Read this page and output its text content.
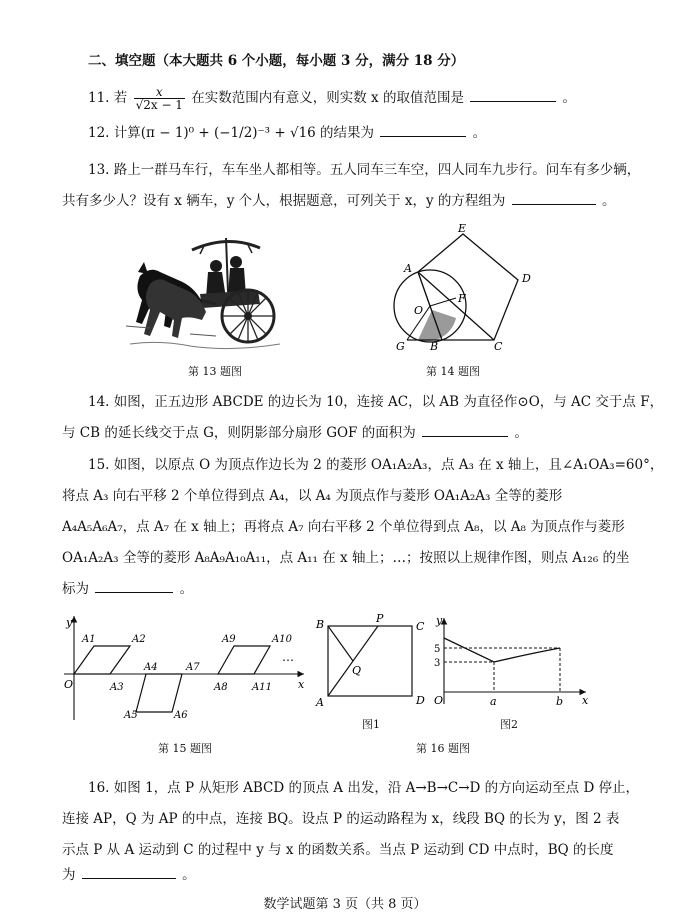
二、填空题（本大题共 6 个小题，每小题 3 分，满分 18 分）
11. 若 $\frac{x}{√2x - 1}$ 在实数范围内有意义，则实数 x 的取值范围是	。
12. 计算(π − 1)⁰ + (−1/2)⁻³ + √16 的结果为	。
13. 路上一群马车行，车车坐人都相等。五人同车三车空，四人同车九步行。问车有多少辆，
共有多少人？设有 x 辆车，y 个人，根据题意，可列关于 x，y 的方程组为	。
第 13 题图
E
A
D
O
F
G B	C
第 14 题图
14. 如图，正五边形 ABCDE 的边长为 10，连接 AC，以 AB 为直径作⊙O，与 AC 交于点 F，
与 CB 的延长线交于点 G，则阴影部分扇形 GOF 的面积为	。
15. 如图，以原点 O 为顶点作边长为 2 的菱形 OA₁A₂A₃，点 A₃ 在 x 轴上，且∠A₁OA₃=60°，
将点 A₃ 向右平移 2 个单位得到点 A₄，以 A₄ 为顶点作与菱形 OA₁A₂A₃ 全等的菱形
A₄A₅A₆A₇，点 A₇ 在 x 轴上；再将点 A₇ 向右平移 2 个单位得到点 A₈，以 A₈ 为顶点作与菱形
OA₁A₂A₃ 全等的菱形 A₈A₉A₁₀A₁₁，点 A₁₁ 在 x 轴上；…；按照以上规律作图，则点 A₁₂₆ 的坐
标为	。
y
x
O
A1	A2
A3
A4
A5	A6
A7
A8
A9	A10
A11
⋯
第 15 题图
B	P
C
Q
A	D
图1
y
x
O
5
3
a	b
图2
第 16 题图
16. 如图 1，点 P 从矩形 ABCD 的顶点 A 出发，沿 A→B→C→D 的方向运动至点 D 停止，
连接 AP，Q 为 AP 的中点，连接 BQ。设点 P 的运动路程为 x，线段 BQ 的长为 y，图 2 表
示点 P 从 A 运动到 C 的过程中 y 与 x 的函数关系。当点 P 运动到 CD 中点时，BQ 的长度
为	。
数学试题第 3 页（共 8 页）
